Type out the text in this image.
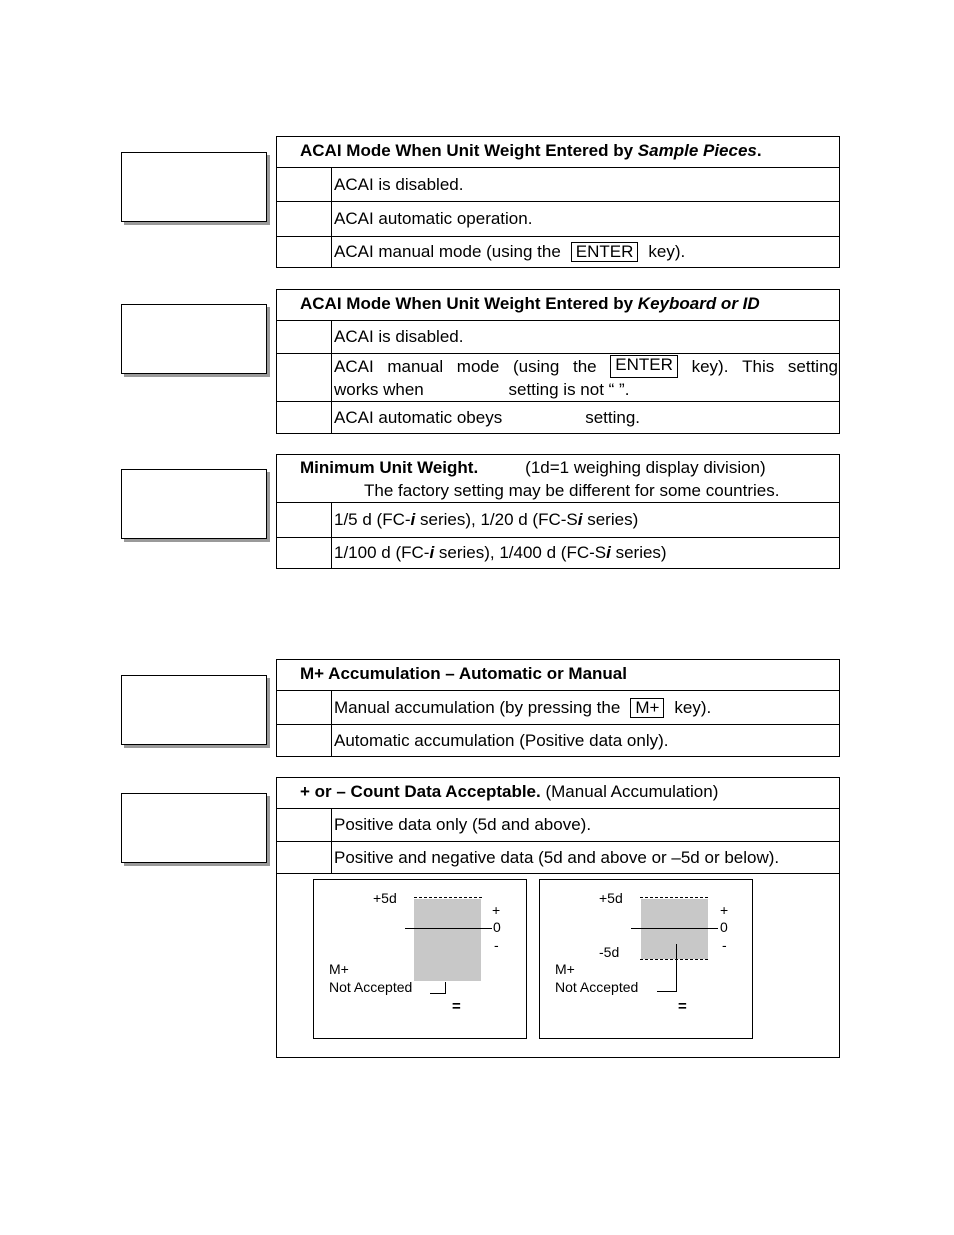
ACAI Mode When Unit Weight Entered by Sample Pieces.
ACAI is disabled.
ACAI automatic operation.
ACAI manual mode (using the ENTER key).
ACAI Mode When Unit Weight Entered by Keyboard or ID
ACAI is disabled.
ACAI manual mode (using the ENTER key). This setting
works when	setting is not “ ”.
ACAI automatic obeys	setting.
Minimum Unit Weight.	(1d=1 weighing display division)
The factory setting may be different for some countries.
1/5 d (FC-i series), 1/20 d (FC-Si series)
1/100 d (FC-i series), 1/400 d (FC-Si series)
M+ Accumulation – Automatic or Manual
Manual accumulation (by pressing the M+ key).
Automatic accumulation (Positive data only).
+ or – Count Data Acceptable. (Manual Accumulation)
Positive data only (5d and above).
Positive and negative data (5d and above or –5d or below).
+5d
+
0
-
M+
Not Accepted
=
+5d
-5d
+
0
-
M+
Not Accepted
=
